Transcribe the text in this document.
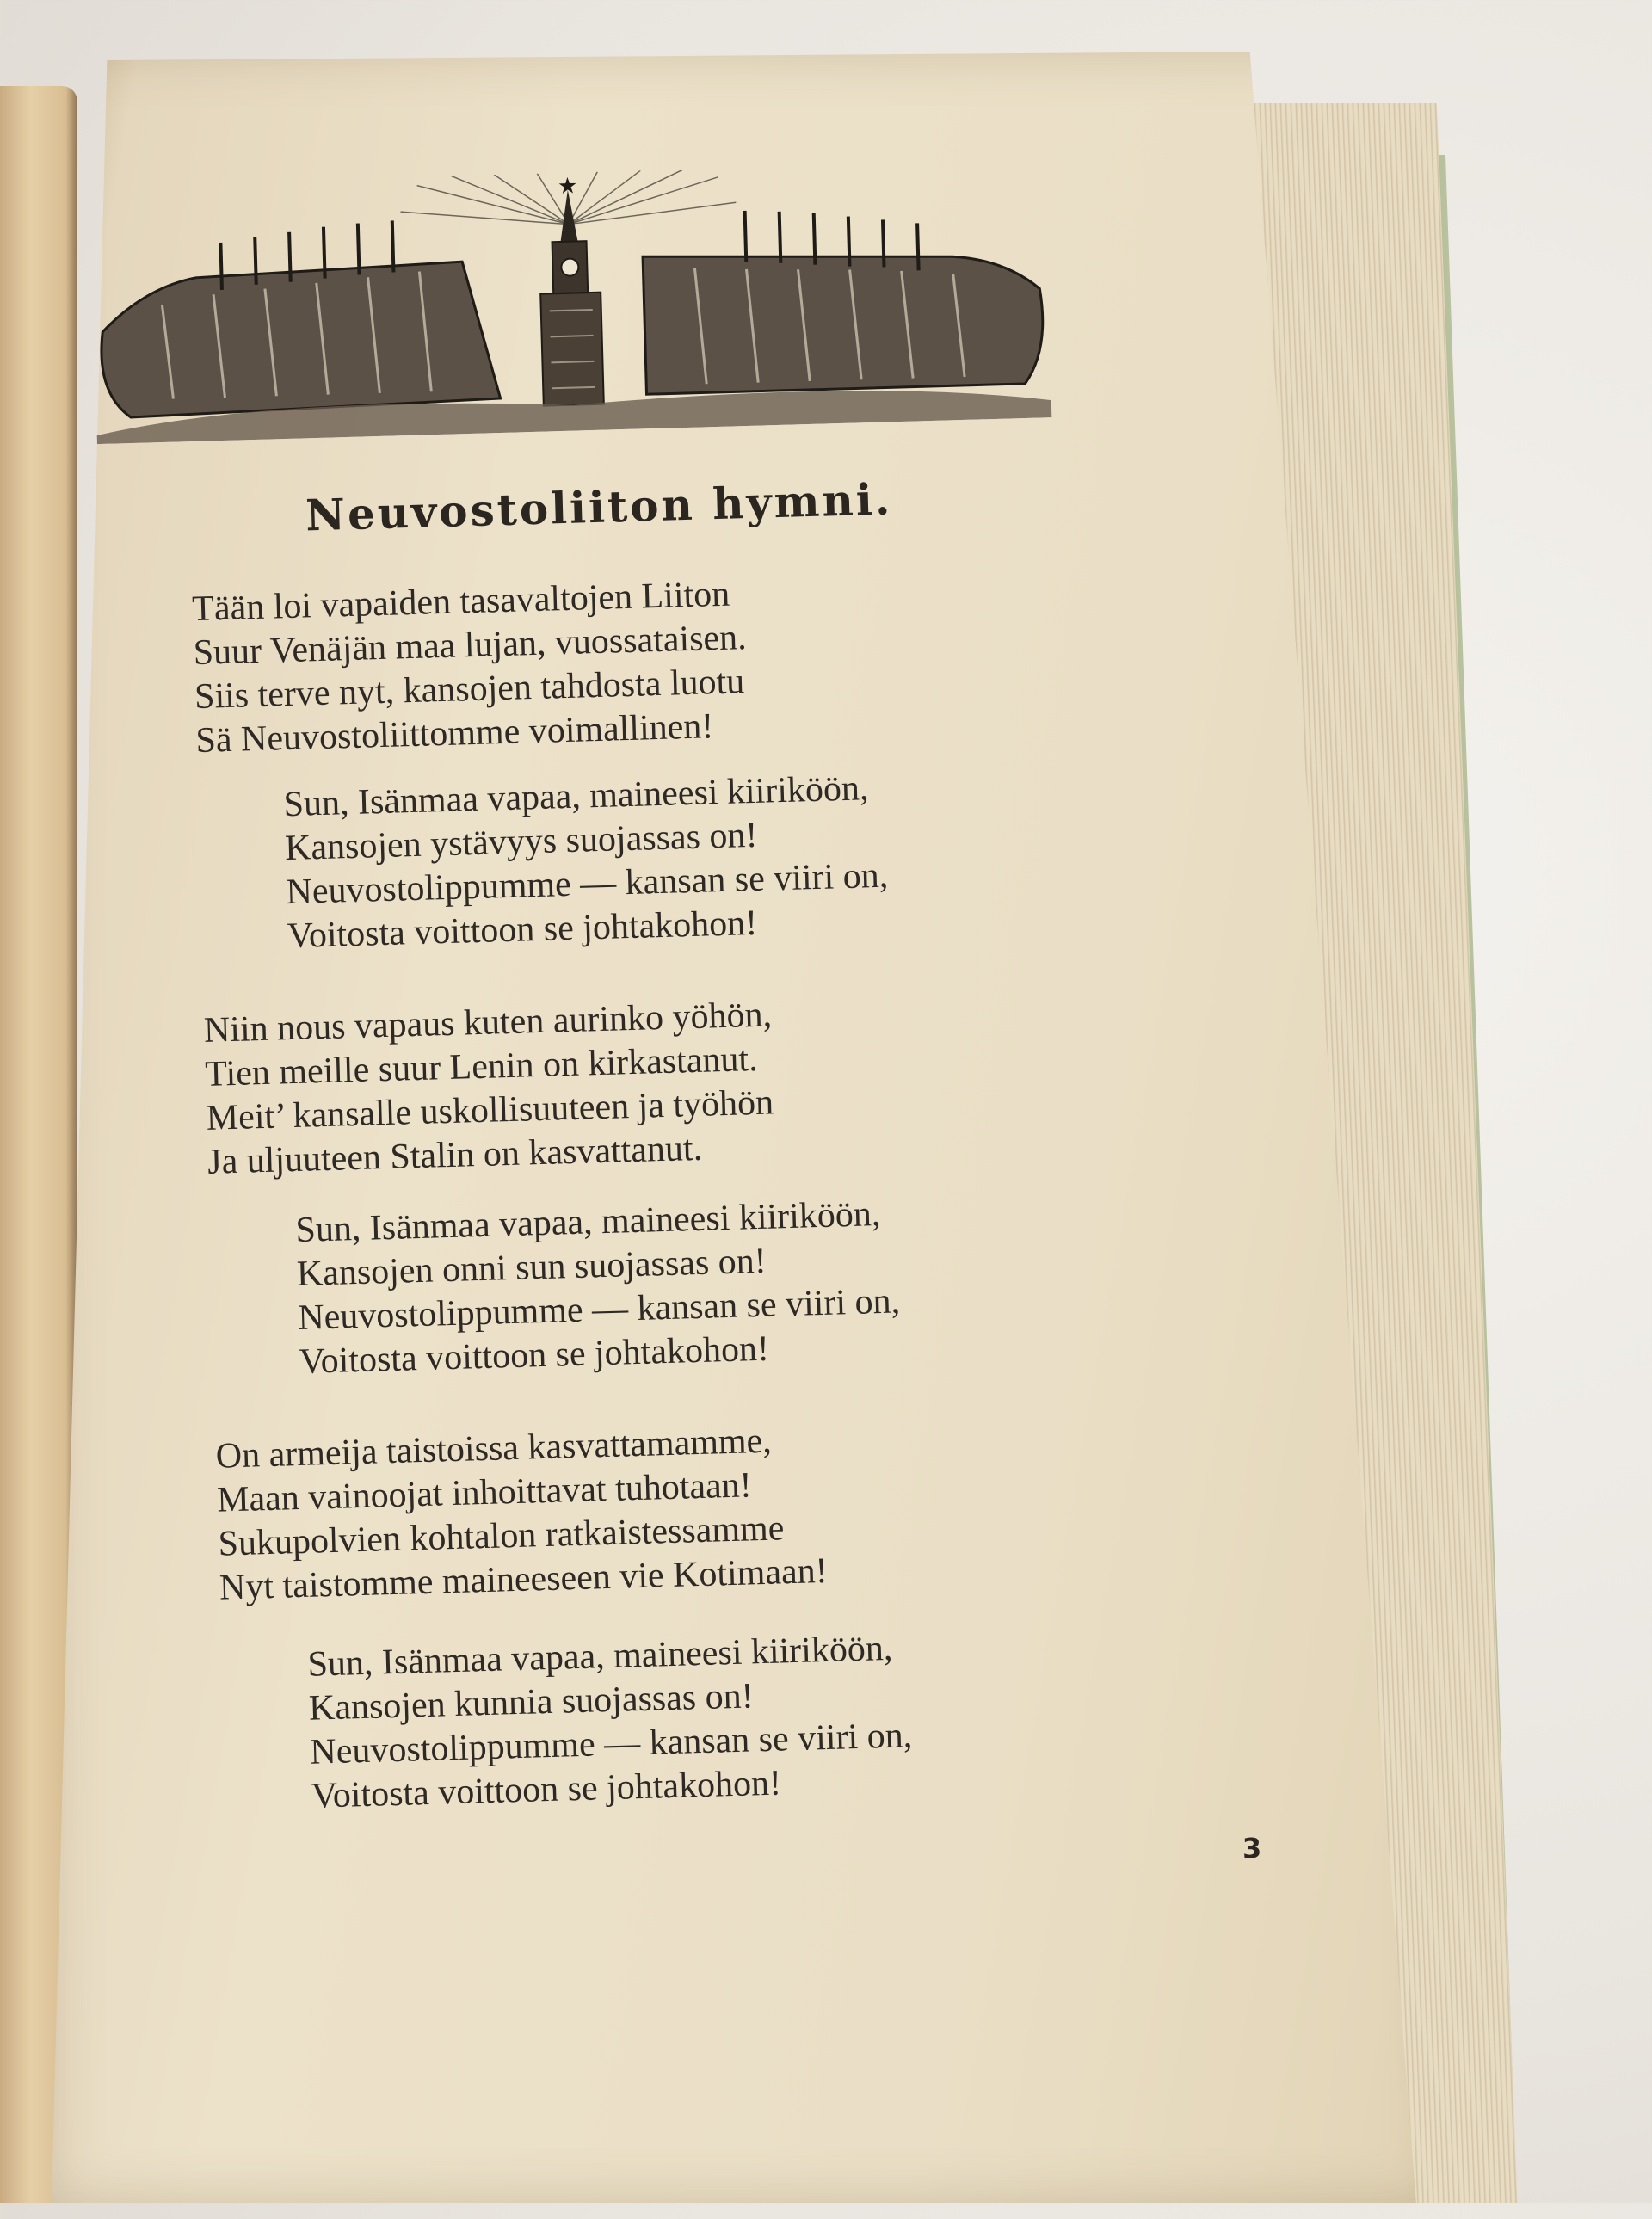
★
Neuvostoliiton hymni.
Tään loi vapaiden tasavaltojen Liiton
Suur Venäjän maa lujan, vuossataisen.
Siis terve nyt, kansojen tahdosta luotu
Sä Neuvostoliittomme voimallinen!
Sun, Isänmaa vapaa, maineesi kiiriköön,
Kansojen ystävyys suojassas on!
Neuvostolippumme — kansan se viiri on,
Voitosta voittoon se johtakohon!
Niin nous vapaus kuten aurinko yöhön,
Tien meille suur Lenin on kirkastanut.
Meit’ kansalle uskollisuuteen ja työhön
Ja uljuuteen Stalin on kasvattanut.
Sun, Isänmaa vapaa, maineesi kiiriköön,
Kansojen onni sun suojassas on!
Neuvostolippumme — kansan se viiri on,
Voitosta voittoon se johtakohon!
On armeija taistoissa kasvattamamme,
Maan vainoojat inhoittavat tuhotaan!
Sukupolvien kohtalon ratkaistessamme
Nyt taistomme maineeseen vie Kotimaan!
Sun, Isänmaa vapaa, maineesi kiiriköön,
Kansojen kunnia suojassas on!
Neuvostolippumme — kansan se viiri on,
Voitosta voittoon se johtakohon!
3
